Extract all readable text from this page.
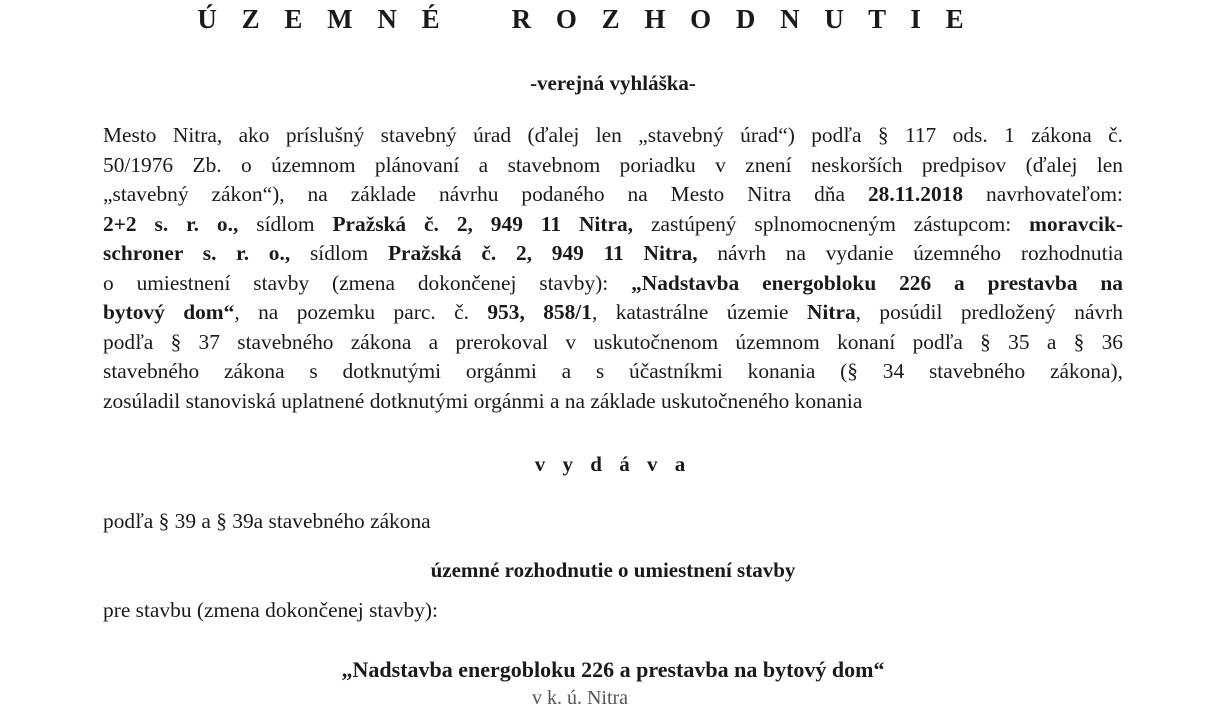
Ú Z E M N É    R O Z H O D N U T I E
-verejná vyhláška-
Mesto Nitra, ako príslušný stavebný úrad (ďalej len „stavebný úrad“) podľa § 117 ods. 1 zákona č.
50/1976 Zb. o územnom plánovaní a stavebnom poriadku v znení neskorších predpisov (ďalej len
„stavebný zákon“), na základe návrhu podaného na Mesto Nitra dňa 28.11.2018 navrhovateľom:
2+2 s. r. o., sídlom Pražská č. 2, 949 11 Nitra, zastúpený splnomocneným zástupcom: moravcik-
schroner s. r. o., sídlom Pražská č. 2, 949 11 Nitra, návrh na vydanie územného rozhodnutia
o umiestnení stavby (zmena dokončenej stavby): „Nadstavba energobloku 226 a prestavba na
bytový dom“, na pozemku parc. č. 953, 858/1, katastrálne územie Nitra, posúdil predložený návrh
podľa § 37 stavebného zákona a prerokoval v uskutočnenom územnom konaní podľa § 35 a § 36
stavebného zákona s dotknutými orgánmi a s účastníkmi konania (§ 34 stavebného zákona),
zosúladil stanoviská uplatnené dotknutými orgánmi a na základe uskutočneného konania
v y d á v a
podľa § 39 a § 39a stavebného zákona
územné rozhodnutie o umiestnení stavby
pre stavbu (zmena dokončenej stavby):
„Nadstavba energobloku 226 a prestavba na bytový dom“
v k. ú. Nitra
